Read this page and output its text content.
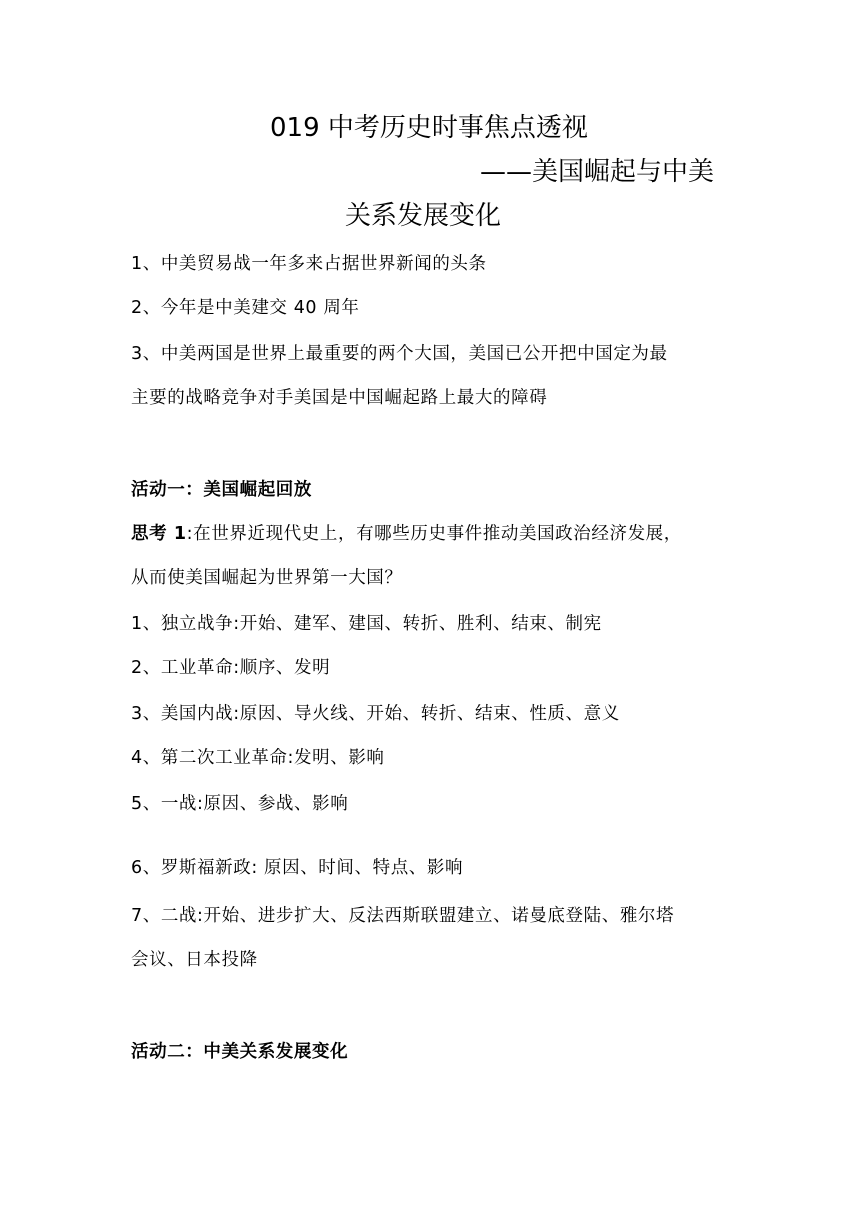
019 中考历史时事焦点透视
——美国崛起与中美
关系发展变化
1、中美贸易战一年多来占据世界新闻的头条
2、今年是中美建交 40 周年
3、中美两国是世界上最重要的两个大国，美国已公开把中国定为最
主要的战略竞争对手美国是中国崛起路上最大的障碍
活动一：美国崛起回放
思考 1:在世界近现代史上，有哪些历史事件推动美国政治经济发展，
从而使美国崛起为世界第一大国？
1、独立战争:开始、建军、建国、转折、胜利、结束、制宪
2、工业革命:顺序、发明
3、美国内战:原因、导火线、开始、转折、结束、性质、意义
4、第二次工业革命:发明、影响
5、一战:原因、参战、影响
6、罗斯福新政: 原因、时间、特点、影响
7、二战:开始、进步扩大、反法西斯联盟建立、诺曼底登陆、雅尔塔
会议、日本投降
活动二：中美关系发展变化
